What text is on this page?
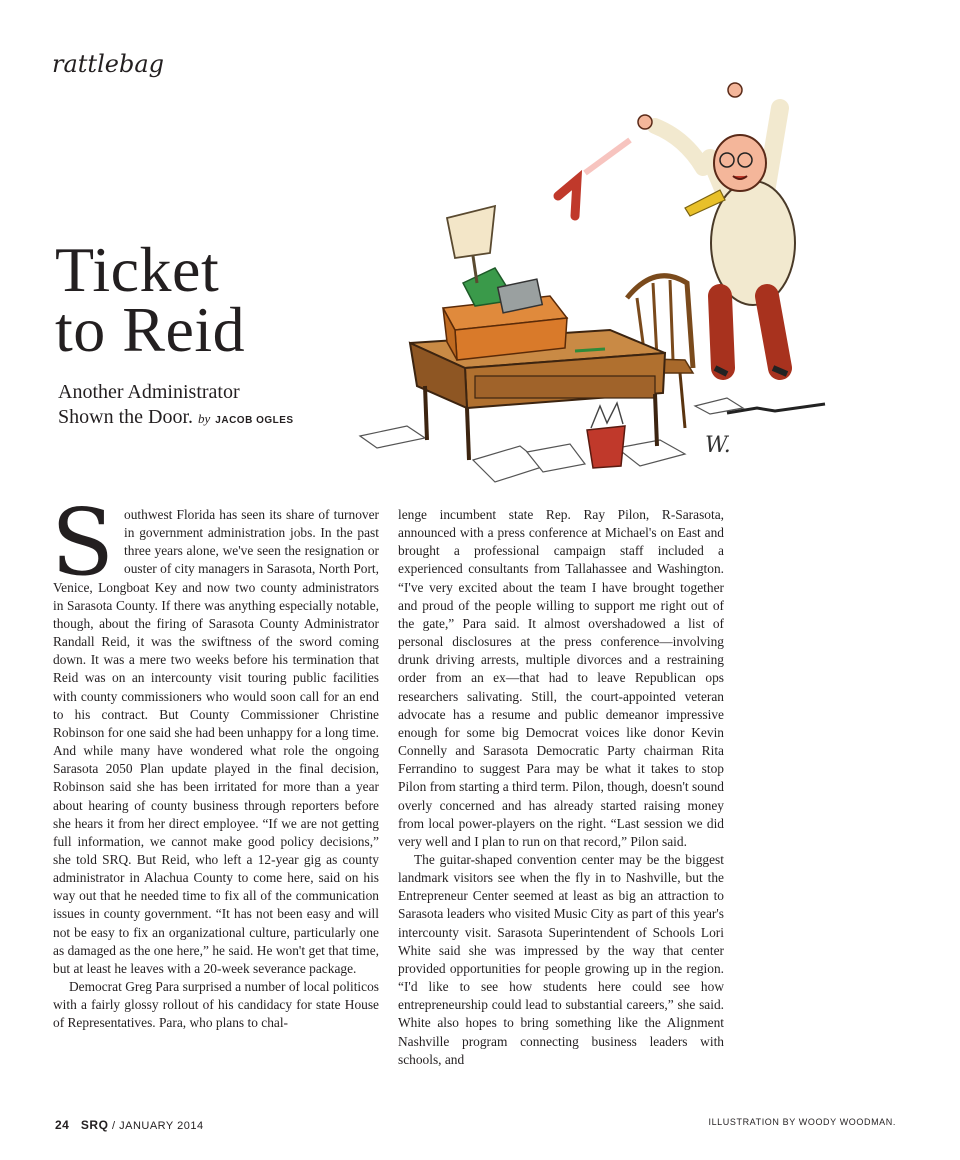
rattlebag
Ticket
to Reid
Another Administrator
Shown the Door. by JACOB OGLES
W.

Southwest Florida has seen its share of turnover in government administration jobs. In the past three years alone, we've seen the resignation or ouster of city managers in Sarasota, North Port, Venice, Longboat Key and now two county administrators in Sarasota County. If there was anything especially notable, though, about the firing of Sarasota County Administrator Randall Reid, it was the swiftness of the sword coming down. It was a mere two weeks before his termination that Reid was on an intercounty visit touring public facilities with county commissioners who would soon call for an end to his contract. But County Commissioner Christine Robinson for one said she had been unhappy for a long time. And while many have wondered what role the ongoing Sarasota 2050 Plan update played in the final decision, Robinson said she has been irritated for more than a year about hearing of county business through reporters before she hears it from her direct employee. “If we are not getting full information, we cannot make good policy decisions,” she told SRQ. But Reid, who left a 12-year gig as county administrator in Alachua County to come here, said on his way out that he needed time to fix all of the communication issues in county government. “It has not been easy and will not be easy to fix an organizational culture, particularly one as damaged as the one here,” he said. He won't get that time, but at least he leaves with a 20-week severance package.

Democrat Greg Para surprised a number of local politicos with a fairly glossy rollout of his candidacy for state House of Representatives. Para, who plans to chal-

lenge incumbent state Rep. Ray Pilon, R-Sarasota, announced with a press conference at Michael's on East and brought a professional campaign staff included a experienced consultants from Tallahassee and Washington. “I've very excited about the team I have brought together and proud of the people willing to support me right out of the gate,” Para said. It almost overshadowed a list of personal disclosures at the press conference—involving drunk driving arrests, multiple divorces and a restraining order from an ex—that had to leave Republican ops researchers salivating. Still, the court-appointed veteran advocate has a resume and public demeanor impressive enough for some big Democrat voices like donor Kevin Connelly and Sarasota Democratic Party chairman Rita Ferrandino to suggest Para may be what it takes to stop Pilon from starting a third term. Pilon, though, doesn't sound overly concerned and has already started raising money from local power-players on the right. “Last session we did very well and I plan to run on that record,” Pilon said.

The guitar-shaped convention center may be the biggest landmark visitors see when the fly in to Nashville, but the Entrepreneur Center seemed at least as big an attraction to Sarasota leaders who visited Music City as part of this year's intercounty visit. Sarasota Superintendent of Schools Lori White said she was impressed by the way that center provided opportunities for people growing up in the region. “I'd like to see how students here could see how entrepreneurship could lead to substantial careers,” she said. White also hopes to bring something like the Alignment Nashville program connecting business leaders with schools, and

24 SRQ / JANUARY 2014	ILLUSTRATION BY WOODY WOODMAN.
